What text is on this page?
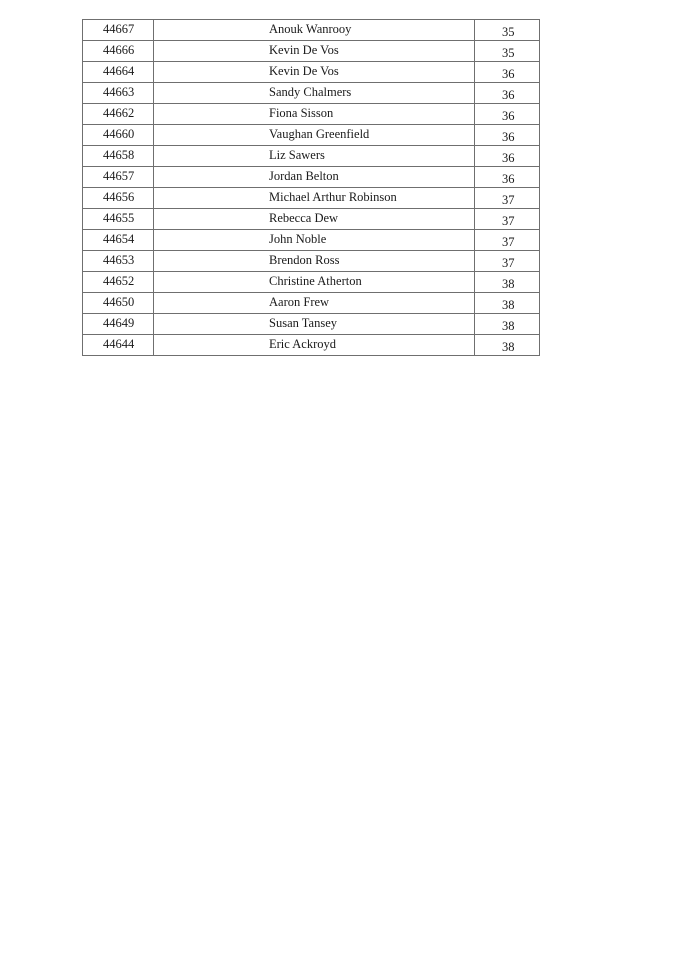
44667	Anouk Wanrooy	35
44666	Kevin De Vos	35
44664	Kevin De Vos	36
44663	Sandy Chalmers	36
44662	Fiona Sisson	36
44660	Vaughan Greenfield	36
44658	Liz Sawers	36
44657	Jordan Belton	36
44656	Michael Arthur Robinson	37
44655	Rebecca Dew	37
44654	John Noble	37
44653	Brendon Ross	37
44652	Christine Atherton	38
44650	Aaron Frew	38
44649	Susan Tansey	38
44644	Eric Ackroyd	38
